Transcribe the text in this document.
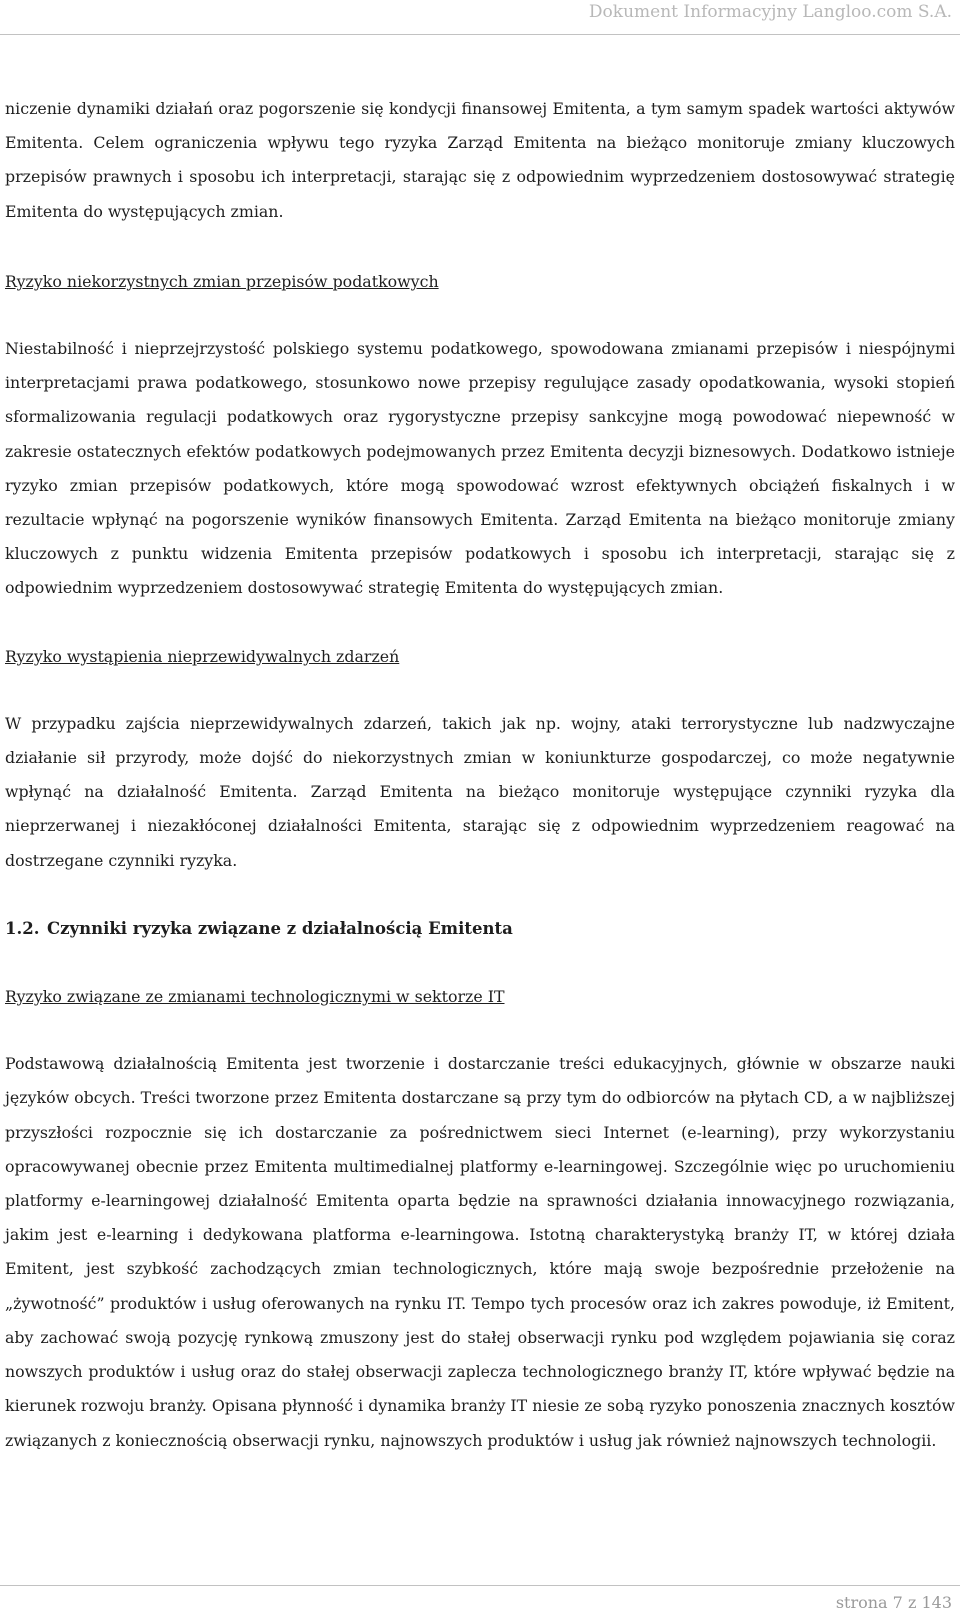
Dokument Informacyjny Langloo.com S.A.

niczenie dynamiki działań oraz pogorszenie się kondycji finansowej Emitenta, a tym samym spadek wartości aktywów Emitenta. Celem ograniczenia wpływu tego ryzyka Zarząd Emitenta na bieżąco monitoruje zmiany kluczowych przepisów prawnych i sposobu ich interpretacji, starając się z odpowiednim wyprzedzeniem dostosowywać strategię Emitenta do występujących zmian.

Ryzyko niekorzystnych zmian przepisów podatkowych

Niestabilność i nieprzejrzystość polskiego systemu podatkowego, spowodowana zmianami przepisów i niespójnymi interpretacjami prawa podatkowego, stosunkowo nowe przepisy regulujące zasady opodatkowania, wysoki stopień sformalizowania regulacji podatkowych oraz rygorystyczne przepisy sankcyjne mogą powodować niepewność w zakresie ostatecznych efektów podatkowych podejmowanych przez Emitenta decyzji biznesowych. Dodatkowo istnieje ryzyko zmian przepisów podatkowych, które mogą spowodować wzrost efektywnych obciążeń fiskalnych i w rezultacie wpłynąć na pogorszenie wyników finansowych Emitenta. Zarząd Emitenta na bieżąco monitoruje zmiany kluczowych z punktu widzenia Emitenta przepisów podatkowych i sposobu ich interpretacji, starając się z odpowiednim wyprzedzeniem dostosowywać strategię Emitenta do występujących zmian.

Ryzyko wystąpienia nieprzewidywalnych zdarzeń

W przypadku zajścia nieprzewidywalnych zdarzeń, takich jak np. wojny, ataki terrorystyczne lub nadzwyczajne działanie sił przyrody, może dojść do niekorzystnych zmian w koniunkturze gospodarczej, co może negatywnie wpłynąć na działalność Emitenta. Zarząd Emitenta na bieżąco monitoruje występujące czynniki ryzyka dla nieprzerwanej i niezakłóconej działalności Emitenta, starając się z odpowiednim wyprzedzeniem reagować na dostrzegane czynniki ryzyka.

1.2. Czynniki ryzyka związane z działalnością Emitenta

Ryzyko związane ze zmianami technologicznymi w sektorze IT

Podstawową działalnością Emitenta jest tworzenie i dostarczanie treści edukacyjnych, głównie w obszarze nauki języków obcych. Treści tworzone przez Emitenta dostarczane są przy tym do odbiorców na płytach CD, a w najbliższej przyszłości rozpocznie się ich dostarczanie za pośrednictwem sieci Internet (e-learning), przy wykorzystaniu opracowywanej obecnie przez Emitenta multimedialnej platformy e-learningowej. Szczególnie więc po uruchomieniu platformy e-learningowej działalność Emitenta oparta będzie na sprawności działania innowacyjnego rozwiązania, jakim jest e-learning i dedykowana platforma e-learningowa. Istotną charakterystyką branży IT, w której działa Emitent, jest szybkość zachodzących zmian technologicznych, które mają swoje bezpośrednie przełożenie na „żywotność” produktów i usług oferowanych na rynku IT. Tempo tych procesów oraz ich zakres powoduje, iż Emitent, aby zachować swoją pozycję rynkową zmuszony jest do stałej obserwacji rynku pod względem pojawiania się coraz nowszych produktów i usług oraz do stałej obserwacji zaplecza technologicznego branży IT, które wpływać będzie na kierunek rozwoju branży. Opisana płynność i dynamika branży IT niesie ze sobą ryzyko ponoszenia znacznych kosztów związanych z koniecznością obserwacji rynku, najnowszych produktów i usług jak również najnowszych technologii.

strona 7 z 143
